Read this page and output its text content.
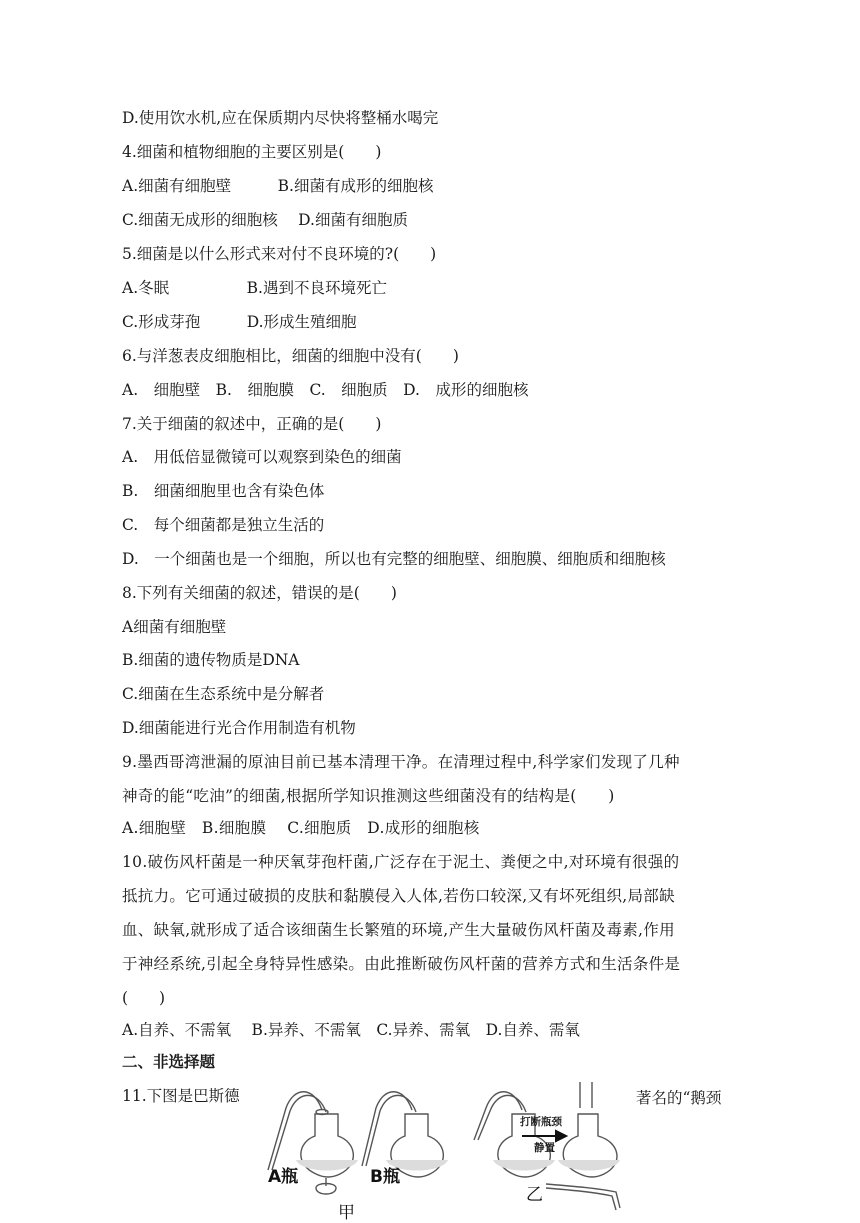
D.使用饮水机,应在保质期内尽快将整桶水喝完
4.细菌和植物细胞的主要区别是(　　)
A.细菌有细胞壁　　　B.细菌有成形的细胞核
C.细菌无成形的细胞核　 D.细菌有细胞质
5.细菌是以什么形式来对付不良环境的?(　　)
A.冬眠　　　　　B.遇到不良环境死亡
C.形成芽孢　　　D.形成生殖细胞
6.与洋葱表皮细胞相比，细菌的细胞中没有(　　)
A.　细胞壁　B.　细胞膜　C.　细胞质　D.　成形的细胞核
7.关于细菌的叙述中，正确的是(　　)
A.　用低倍显微镜可以观察到染色的细菌
B.　细菌细胞里也含有染色体
C.　每个细菌都是独立生活的
D.　一个细菌也是一个细胞，所以也有完整的细胞壁、细胞膜、细胞质和细胞核
8.下列有关细菌的叙述，错误的是(　　)
A细菌有细胞壁
B.细菌的遗传物质是DNA
C.细菌在生态系统中是分解者
D.细菌能进行光合作用制造有机物
9.墨西哥湾泄漏的原油目前已基本清理干净。在清理过程中,科学家们发现了几种
神奇的能“吃油”的细菌,根据所学知识推测这些细菌没有的结构是(　　)
A.细胞壁　B.细胞膜　 C.细胞质　D.成形的细胞核
10.破伤风杆菌是一种厌氧芽孢杆菌,广泛存在于泥土、粪便之中,对环境有很强的
抵抗力。它可通过破损的皮肤和黏膜侵入人体,若伤口较深,又有坏死组织,局部缺
血、缺氧,就形成了适合该细菌生长繁殖的环境,产生大量破伤风杆菌及毒素,作用
于神经系统,引起全身特异性感染。由此推断破伤风杆菌的营养方式和生活条件是
(　　)
A.自养、不需氧　 B.异养、不需氧　C.异养、需氧　D.自养、需氧
二、非选择题
11.下图是巴斯德	著名的“鹅颈
A瓶	B瓶
甲
乙
打断瓶颈
静置
